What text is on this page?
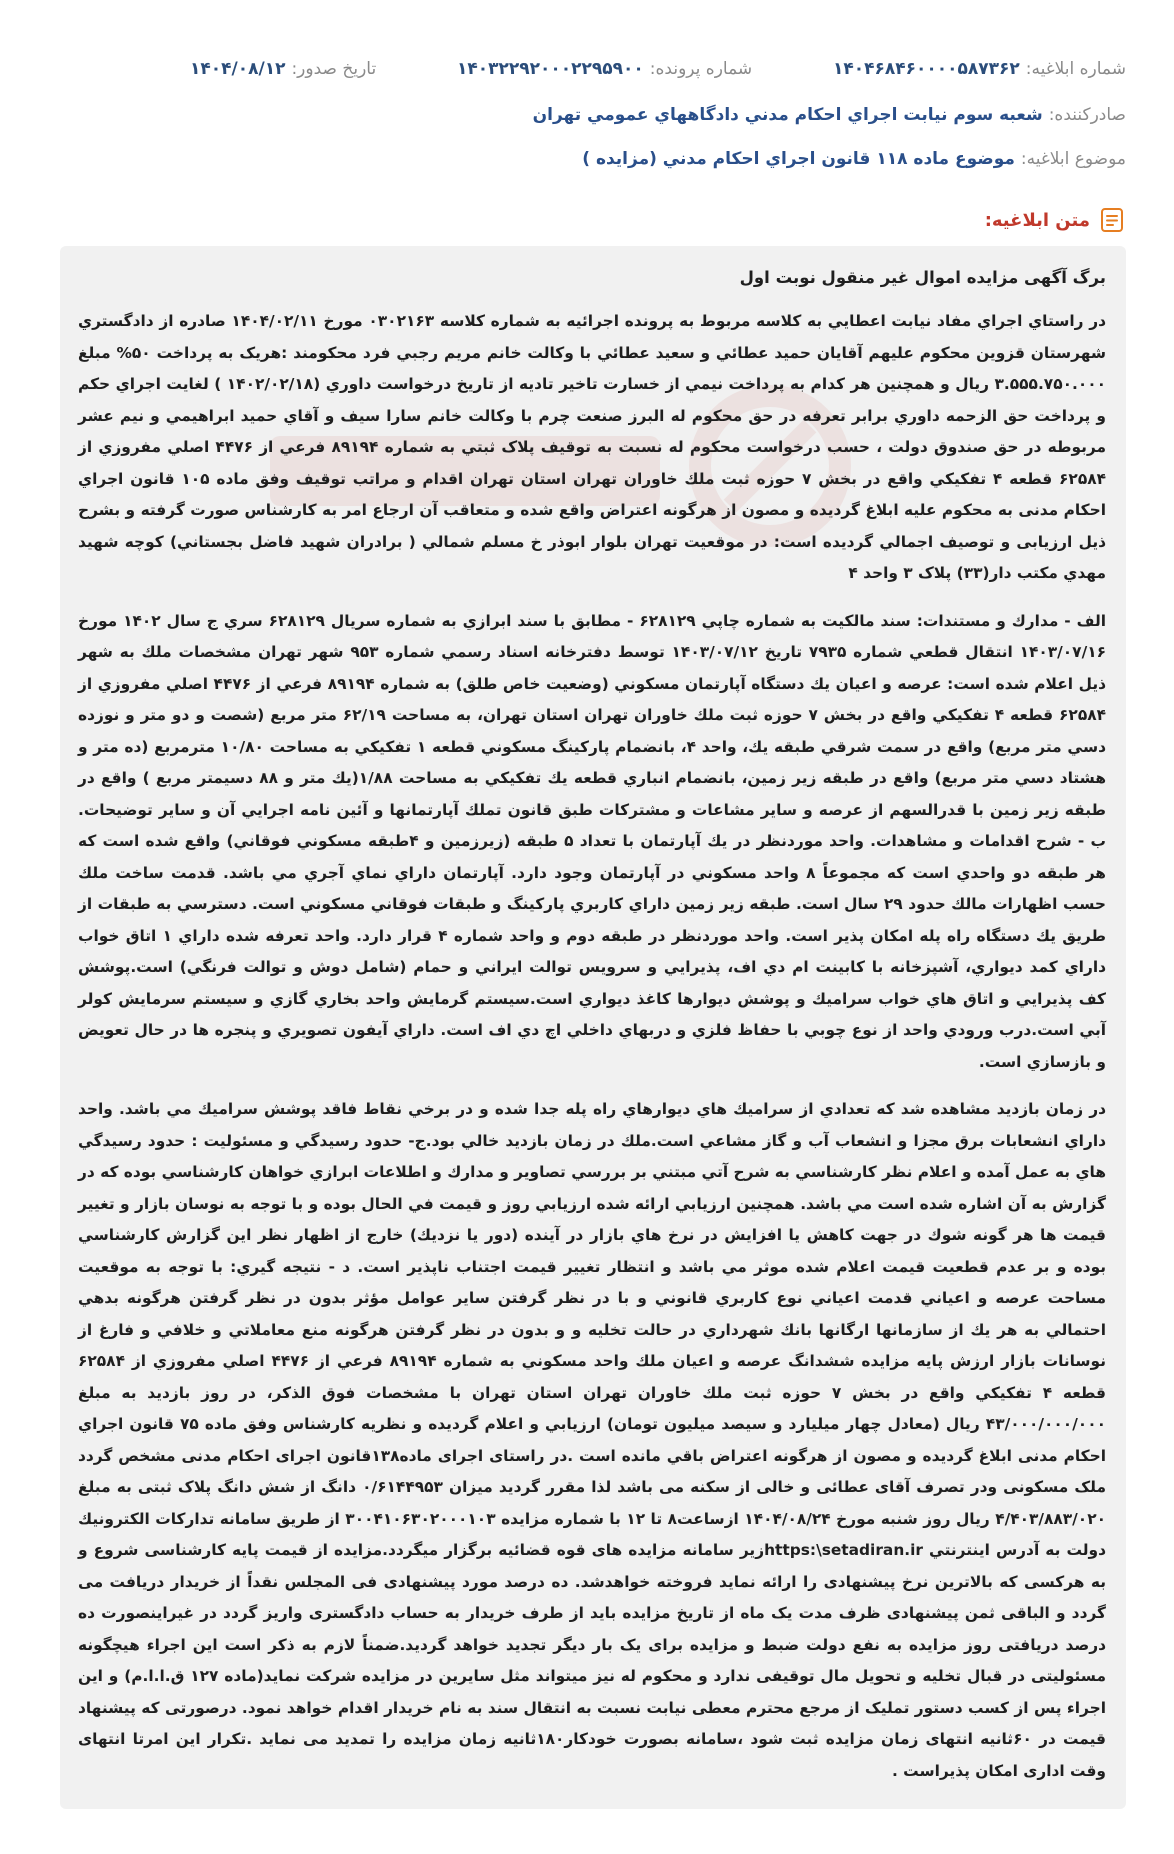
شماره ابلاغيه:
۱۴۰۴۶۸۴۶۰۰۰۰۵۸۷۳۶۲
شماره پرونده:
۱۴۰۳۲۲۹۲۰۰۰۲۲۹۵۹۰۰
تاريخ صدور:
۱۴۰۴/۰۸/۱۲
صادرکننده:
شعبه سوم نيابت اجراي احکام مدني دادگاههاي عمومي تهران
موضوع ابلاغيه:
موضوع ماده ۱۱۸ قانون اجراي احکام مدني (مزايده )
متن ابلاغيه:

برگ آگهی مزایده اموال غیر منقول نوبت اول

در راستاي اجراي مفاد نيابت اعطايي به کلاسه مربوط به پرونده اجرائيه به شماره کلاسه ۰۳۰۲۱۶۳ مورخ ۱۴۰۴/۰۲/۱۱ صادره از دادگستري شهرستان قزوين محکوم عليهم آقايان حميد عطائي و سعيد عطائي با وکالت خانم مريم رجبي فرد محکومند :هريک به پرداخت ۵۰% مبلغ ۳.۵۵۵.۷۵۰.۰۰۰ ريال و همچنين هر کدام به پرداخت نيمي از خسارت تاخير تاديه از تاريخ درخواست داوري (۱۴۰۲/۰۲/۱۸ ) لغايت اجراي حکم و پرداخت حق الزحمه داوري برابر تعرفه در حق محکوم له البرز صنعت چرم با وکالت خانم سارا سيف و آقاي حميد ابراهيمي و نيم عشر مربوطه در حق صندوق دولت ، حسب درخواست محکوم له نسبت به توقيف پلاک ثبتي به شماره ۸۹۱۹۴ فرعي از ۴۴۷۶ اصلي مفروزي از ۶۲۵۸۴ قطعه ۴ تفکيکي واقع در بخش ۷ حوزه ثبت ملك خاوران تهران استان تهران اقدام و مراتب توقيف وفق ماده ۱۰۵ قانون اجراي احکام مدنی به محکوم عليه ابلاغ گرديده و مصون از هرگونه اعتراض واقع شده و متعاقب آن ارجاع امر به کارشناس صورت گرفته و بشرح ذيل ارزيابی و توصيف اجمالي گرديده است: در موقعيت تهران بلوار ابوذر خ مسلم شمالي ( برادران شهيد فاضل بجستاني) کوچه شهيد مهدي مکتب دار(۳۳) پلاک ۳ واحد ۴

الف - مدارك و مستندات: سند مالکيت به شماره چاپي ۶۲۸۱۲۹ - مطابق با سند ابرازي به شماره سريال ۶۲۸۱۲۹ سري ج سال ۱۴۰۲ مورخ ۱۴۰۳/۰۷/۱۶ انتقال قطعي شماره ۷۹۳۵ تاريخ ۱۴۰۳/۰۷/۱۲ توسط دفترخانه اسناد رسمي شماره ۹۵۳ شهر تهران مشخصات ملك به شهر ذيل اعلام شده است: عرصه و اعيان يك دستگاه آپارتمان مسکوني (وضعيت خاص طلق) به شماره ۸۹۱۹۴ فرعي از ۴۴۷۶ اصلي مفروزي از ۶۲۵۸۴ قطعه ۴ تفکيکي واقع در بخش ۷ حوزه ثبت ملك خاوران تهران استان تهران، به مساحت ۶۲/۱۹ متر مربع (شصت و دو متر و نوزده دسي متر مربع) واقع در سمت شرقي طبقه يك، واحد ۴، بانضمام پارکينگ مسکوني قطعه ۱ تفکيکي به مساحت ۱۰/۸۰ مترمربع (ده متر و هشتاد دسي متر مربع) واقع در طبقه زير زمين، بانضمام انباري قطعه يك تفکيکي به مساحت ۱/۸۸(يك متر و ۸۸ دسيمتر مربع ) واقع در طبقه زير زمين با قدرالسهم از عرصه و ساير مشاعات و مشترکات طبق قانون تملك آپارتمانها و آئين نامه اجرايي آن و ساير توضيحات. ب - شرح اقدامات و مشاهدات. واحد موردنظر در يك آپارتمان با تعداد ۵ طبقه (زيرزمين و ۴طبقه مسکوني فوقاني) واقع شده است که هر طبقه دو واحدي است که مجموعاً ۸ واحد مسکوني در آپارتمان وجود دارد. آپارتمان داراي نماي آجري مي باشد. قدمت ساخت ملك حسب اظهارات مالك حدود ۲۹ سال است. طبقه زير زمين داراي کاربري پارکينگ و طبقات فوقاني مسکوني است. دسترسي به طبقات از طريق يك دستگاه راه پله امکان پذير است. واحد موردنظر در طبقه دوم و واحد شماره ۴ قرار دارد. واحد تعرفه شده داراي ۱ اتاق خواب داراي کمد ديواري، آشپزخانه با کابينت ام دي اف، پذيرايي و سرويس توالت ايراني و حمام (شامل دوش و توالت فرنگي) است.پوشش کف پذيرايي و اتاق هاي خواب سراميك و پوشش ديوارها کاغذ ديواري است.سيستم گرمايش واحد بخاري گازي و سيستم سرمايش کولر آبي است.درب ورودي واحد از نوع چوبي با حفاظ فلزي و دربهاي داخلي اچ دي اف است. داراي آيفون تصويري و پنجره ها در حال تعويض و بازسازي است.

در زمان بازديد مشاهده شد که تعدادي از سراميك هاي ديوارهاي راه پله جدا شده و در برخي نقاط فاقد پوشش سراميك مي باشد. واحد داراي انشعابات برق مجزا و انشعاب آب و گاز مشاعي است.ملك در زمان بازديد خالي بود.ج- حدود رسيدگي و مسئوليت : حدود رسيدگي هاي به عمل آمده و اعلام نظر کارشناسي به شرح آتي مبتني بر بررسي تصاوير و مدارك و اطلاعات ابرازي خواهان کارشناسي بوده که در گزارش به آن اشاره شده است مي باشد. همچنين ارزيابي ارائه شده ارزيابي روز و قيمت في الحال بوده و با توجه به نوسان بازار و تغيير قيمت ها هر گونه شوك در جهت کاهش يا افزايش در نرخ هاي بازار در آينده (دور يا نزديك) خارج از اظهار نظر اين گزارش کارشناسي بوده و بر عدم قطعيت قيمت اعلام شده موثر مي باشد و انتظار تغيير قيمت اجتناب ناپذير است. د - نتيجه گيري: با توجه به موقعيت مساحت عرصه و اعياني قدمت اعياني نوع کاربري قانوني و با در نظر گرفتن ساير عوامل مؤثر بدون در نظر گرفتن هرگونه بدهي احتمالي به هر يك از سازمانها ارگانها بانك شهرداري در حالت تخليه و و بدون در نظر گرفتن هرگونه منع معاملاتي و خلافي و فارغ از نوسانات بازار ارزش پايه مزايده ششدانگ عرصه و اعيان ملك واحد مسکوني به شماره ۸۹۱۹۴ فرعي از ۴۴۷۶ اصلي مفروزي از ۶۲۵۸۴ قطعه ۴ تفکيکي واقع در بخش ۷ حوزه ثبت ملك خاوران تهران استان تهران با مشخصات فوق الذکر، در روز بازديد به مبلغ ۴۳/۰۰۰/۰۰۰/۰۰۰ ريال (معادل چهار ميليارد و سيصد ميليون تومان) ارزيابي و اعلام گرديده و نظريه کارشناس وفق ماده ۷۵ قانون اجراي احکام مدنی ابلاغ گرديده و مصون از هرگونه اعتراض باقي مانده است .در راستای اجرای ماده۱۳۸قانون اجرای احکام مدنی مشخص گردد ملک مسکونی ودر تصرف آقای عطائی و خالی از سکنه می باشد لذا مقرر گردید میزان ۰/۶۱۴۴۹۵۳ دانگ از شش دانگ پلاک ثبتی به مبلغ ۴/۴۰۳/۸۸۳/۰۲۰ ريال روز شنبه مورخ ۱۴۰۴/۰۸/۲۴ ازساعت۸ تا ۱۲ با شماره مزايده ۳۰۰۴۱۰۶۳۰۲۰۰۰۱۰۳ از طريق سامانه تداركات الكترونيك دولت به آدرس اينترنتي https:\setadiran.irزير سامانه مزايده هاى قوه قضائيه برگزار ميگردد.مزايده از قيمت پايه كارشناسى شروع و به هركسى كه بالاترين نرخ پيشنهادى را ارائه نمايد فروخته خواهدشد. ده درصد مورد پيشنهادى فى المجلس نقداً از خريدار دريافت مى گردد و الباقى ثمن پيشنهادى ظرف مدت يک ماه از تاريخ مزايده بايد از طرف خريدار به حساب دادگسترى واريز گردد در غيراينصورت ده درصد دريافتى روز مزايده به نفع دولت ضبط و مزايده براى يک بار ديگر تجديد خواهد گرديد.ضمناً لازم به ذكر است اين اجراء هيچگونه مسئوليتى در قبال تخليه و تحويل مال توقيفى ندارد و محكوم له نيز ميتواند مثل سايرين در مزايده شركت نمايد(ماده ۱۲۷ ق.ا.ا.م) و اين اجراء پس از كسب دستور تمليک از مرجع محترم معطى نيابت نسبت به انتقال سند به نام خريدار اقدام خواهد نمود. درصورتی که پیشنهاد قیمت در ۶۰ثانیه انتهای زمان مزایده ثبت شود ،سامانه بصورت خودکار۱۸۰ثانیه زمان مزایده را تمدید می نماید .تکرار این امرتا انتهای وقت اداری امکان پذیراست .
